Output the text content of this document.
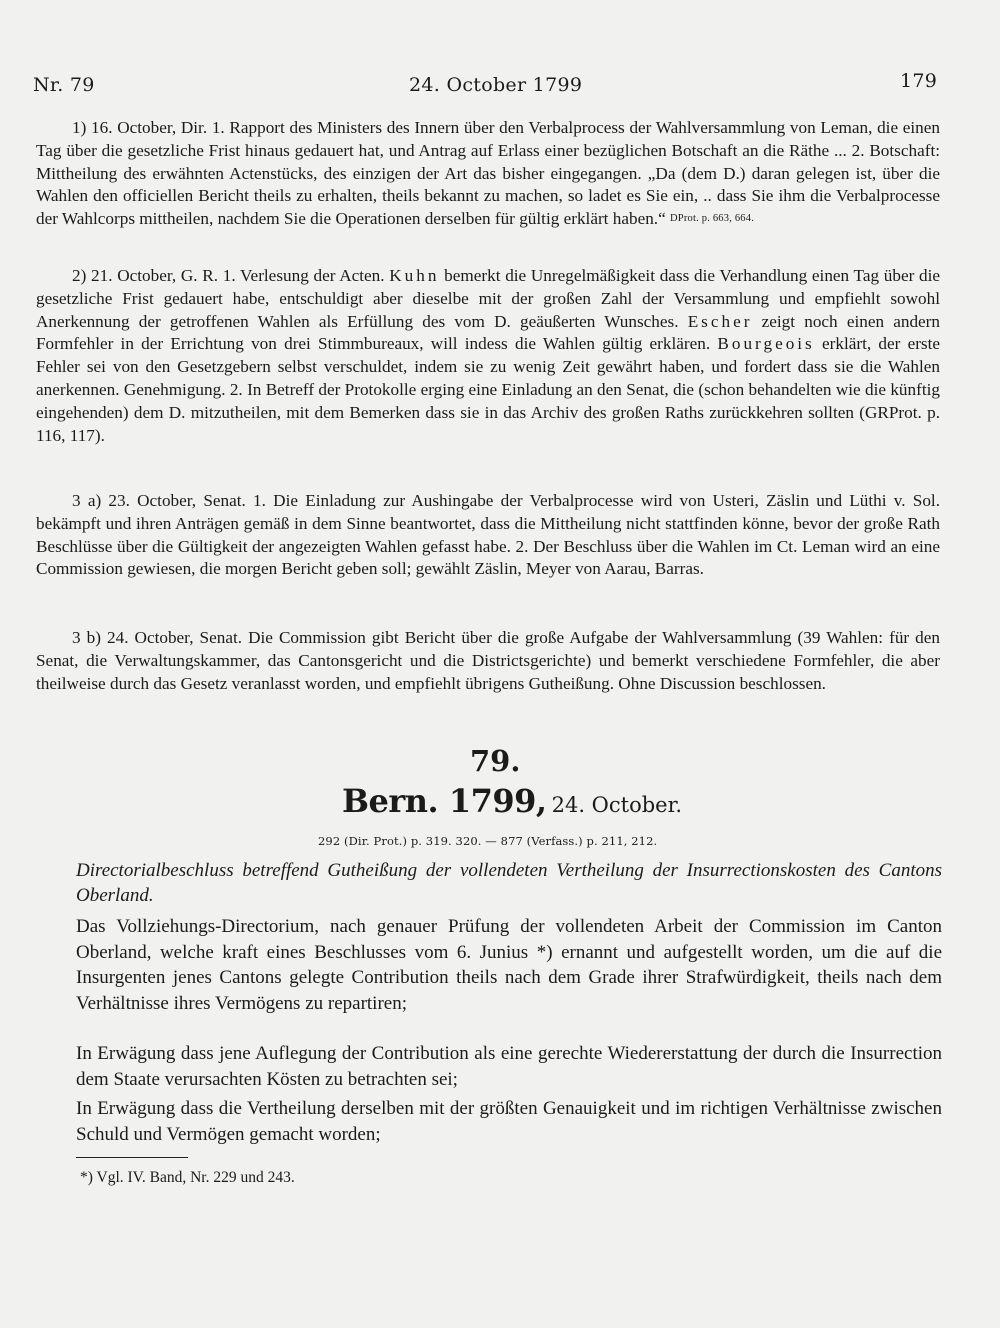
Nr. 79	24. October 1799	179

1) 16. October, Dir. 1. Rapport des Ministers des Innern über den Verbalprocess der Wahlversammlung von Leman, die einen Tag über die gesetzliche Frist hinaus gedauert hat, und Antrag auf Erlass einer bezüglichen Botschaft an die Räthe ... 2. Botschaft: Mittheilung des erwähnten Actenstücks, des einzigen der Art das bisher eingegangen. „Da (dem D.) daran gelegen ist, über die Wahlen den officiellen Bericht theils zu erhalten, theils bekannt zu machen, so ladet es Sie ein, .. dass Sie ihm die Verbalprocesse der Wahlcorps mittheilen, nachdem Sie die Operationen derselben für gültig erklärt haben.“ DProt. p. 663, 664.

2) 21. October, G. R. 1. Verlesung der Acten. Kuhn bemerkt die Unregelmäßigkeit dass die Verhandlung einen Tag über die gesetzliche Frist gedauert habe, entschuldigt aber dieselbe mit der großen Zahl der Versammlung und empfiehlt sowohl Anerkennung der getroffenen Wahlen als Erfüllung des vom D. geäußerten Wunsches. Escher zeigt noch einen andern Formfehler in der Errichtung von drei Stimmbureaux, will indess die Wahlen gültig erklären. Bourgeois erklärt, der erste Fehler sei von den Gesetzgebern selbst verschuldet, indem sie zu wenig Zeit gewährt haben, und fordert dass sie die Wahlen anerkennen. Genehmigung. 2. In Betreff der Protokolle erging eine Einladung an den Senat, die (schon behandelten wie die künftig eingehenden) dem D. mitzutheilen, mit dem Bemerken dass sie in das Archiv des großen Raths zurückkehren sollten (GRProt. p. 116, 117).

3 a) 23. October, Senat. 1. Die Einladung zur Aushingabe der Verbalprocesse wird von Usteri, Zäslin und Lüthi v. Sol. bekämpft und ihren Anträgen gemäß in dem Sinne beantwortet, dass die Mittheilung nicht stattfinden könne, bevor der große Rath Beschlüsse über die Gültigkeit der angezeigten Wahlen gefasst habe. 2. Der Beschluss über die Wahlen im Ct. Leman wird an eine Commission gewiesen, die morgen Bericht geben soll; gewählt Zäslin, Meyer von Aarau, Barras.

3 b) 24. October, Senat. Die Commission gibt Bericht über die große Aufgabe der Wahlversammlung (39 Wahlen: für den Senat, die Verwaltungskammer, das Cantonsgericht und die Districtsgerichte) und bemerkt verschiedene Formfehler, die aber theilweise durch das Gesetz veranlasst worden, und empfiehlt übrigens Gutheißung. Ohne Discussion beschlossen.

79.
Bern. 1799, 24. October.
292 (Dir. Prot.) p. 319. 320. — 877 (Verfass.) p. 211, 212.

Directorialbeschluss betreffend Gutheißung der vollendeten Vertheilung der Insurrectionskosten des Cantons Oberland.

Das Vollziehungs-Directorium, nach genauer Prüfung der vollendeten Arbeit der Commission im Canton Oberland, welche kraft eines Beschlusses vom 6. Junius *) ernannt und aufgestellt worden, um die auf die Insurgenten jenes Cantons gelegte Contribution theils nach dem Grade ihrer Strafwürdigkeit, theils nach dem Verhältnisse ihres Vermögens zu repartiren;

In Erwägung dass jene Auflegung der Contribution als eine gerechte Wiedererstattung der durch die Insurrection dem Staate verursachten Kösten zu betrachten sei;

In Erwägung dass die Vertheilung derselben mit der größten Genauigkeit und im richtigen Verhältnisse zwischen Schuld und Vermögen gemacht worden;

*) Vgl. IV. Band, Nr. 229 und 243.
